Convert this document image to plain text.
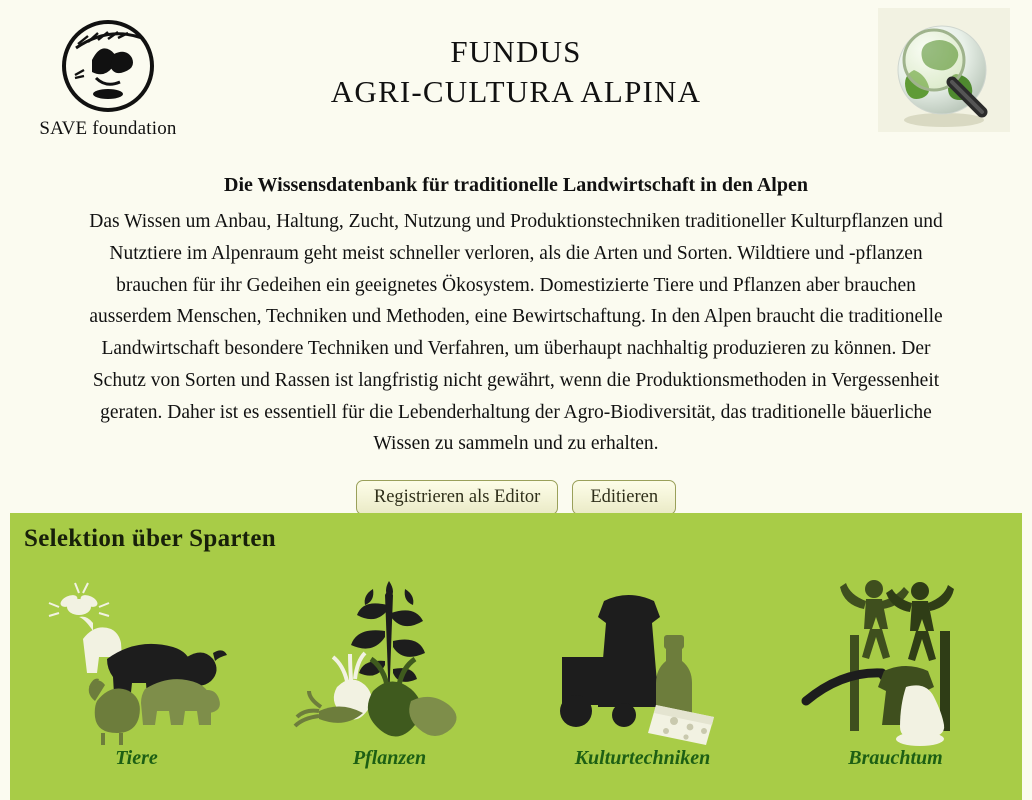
SAVE foundation
FUNDUS
AGRI-CULTURA ALPINA
Die Wissensdatenbank für traditionelle Landwirtschaft in den Alpen
Das Wissen um Anbau, Haltung, Zucht, Nutzung und Produktionstechniken traditioneller Kulturpflanzen und Nutztiere im Alpenraum geht meist schneller verloren, als die Arten und Sorten. Wildtiere und -pflanzen brauchen für ihr Gedeihen ein geeignetes Ökosystem. Domestizierte Tiere und Pflanzen aber brauchen ausserdem Menschen, Techniken und Methoden, eine Bewirtschaftung. In den Alpen braucht die traditionelle Landwirtschaft besondere Techniken und Verfahren, um überhaupt nachhaltig produzieren zu können. Der Schutz von Sorten und Rassen ist langfristig nicht gewährt, wenn die Produktionsmethoden in Vergessenheit geraten. Daher ist es essentiell für die Lebenderhaltung der Agro-Biodiversität, das traditionelle bäuerliche Wissen zu sammeln und zu erhalten.
Registrieren als Editor	Editieren
Selektion über Sparten
Tiere	Pflanzen	Kulturtechniken	Brauchtum
